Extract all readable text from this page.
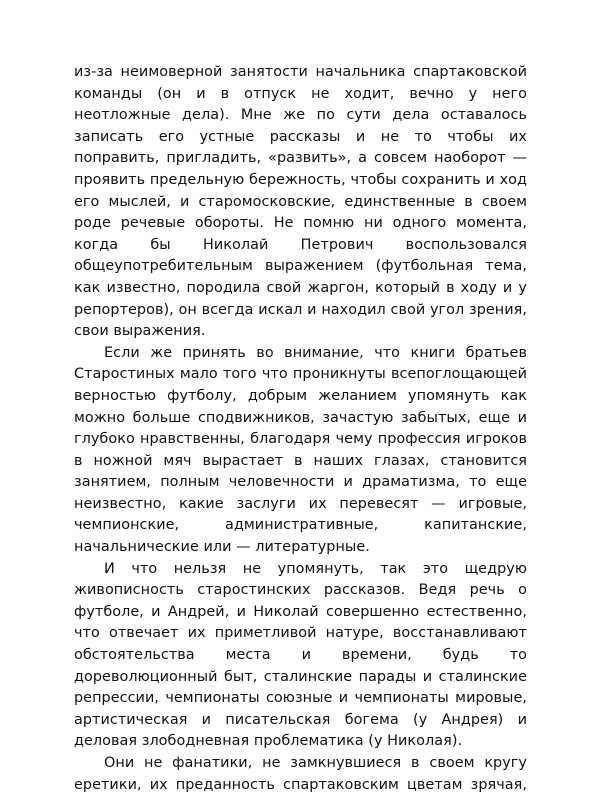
из-за неимоверной занятости начальника спартаковской команды (он и в отпуск не ходит, вечно у него неотложные дела). Мне же по сути дела оставалось записать его устные рассказы и не то чтобы их поправить, пригладить, «развить», а совсем наоборот — проявить предельную бережность, чтобы сохранить и ход его мыслей, и старомосковские, единственные в своем роде речевые обороты. Не помню ни одного момента, когда бы Николай Петрович воспользовался общеупотребительным выражением (футбольная тема, как известно, породила свой жаргон, который в ходу и у репортеров), он всегда искал и находил свой угол зрения, свои выражения.

Если же принять во внимание, что книги братьев Старостиных мало того что проникнуты всепоглощающей верностью футболу, добрым желанием упомянуть как можно больше сподвижников, зачастую забытых, еще и глубоко нравственны, благодаря чему профессия игроков в ножной мяч вырастает в наших глазах, становится занятием, полным человечности и драматизма, то еще неизвестно, какие заслуги их перевесят — игровые, чемпионские, административные, капитанские, начальнические или — литературные.

И что нельзя не упомянуть, так это щедрую живописность старостинских рассказов. Ведя речь о футболе, и Андрей, и Николай совершенно естественно, что отвечает их приметливой натуре, восстанавливают обстоятельства места и времени, будь то дореволюционный быт, сталинские парады и сталинские репрессии, чемпионаты союзные и чемпионаты мировые, артистическая и писательская богема (у Андрея) и деловая злободневная проблематика (у Николая).

Они не фанатики, не замкнувшиеся в своем кругу еретики, их преданность спартаковским цветам зрячая,
